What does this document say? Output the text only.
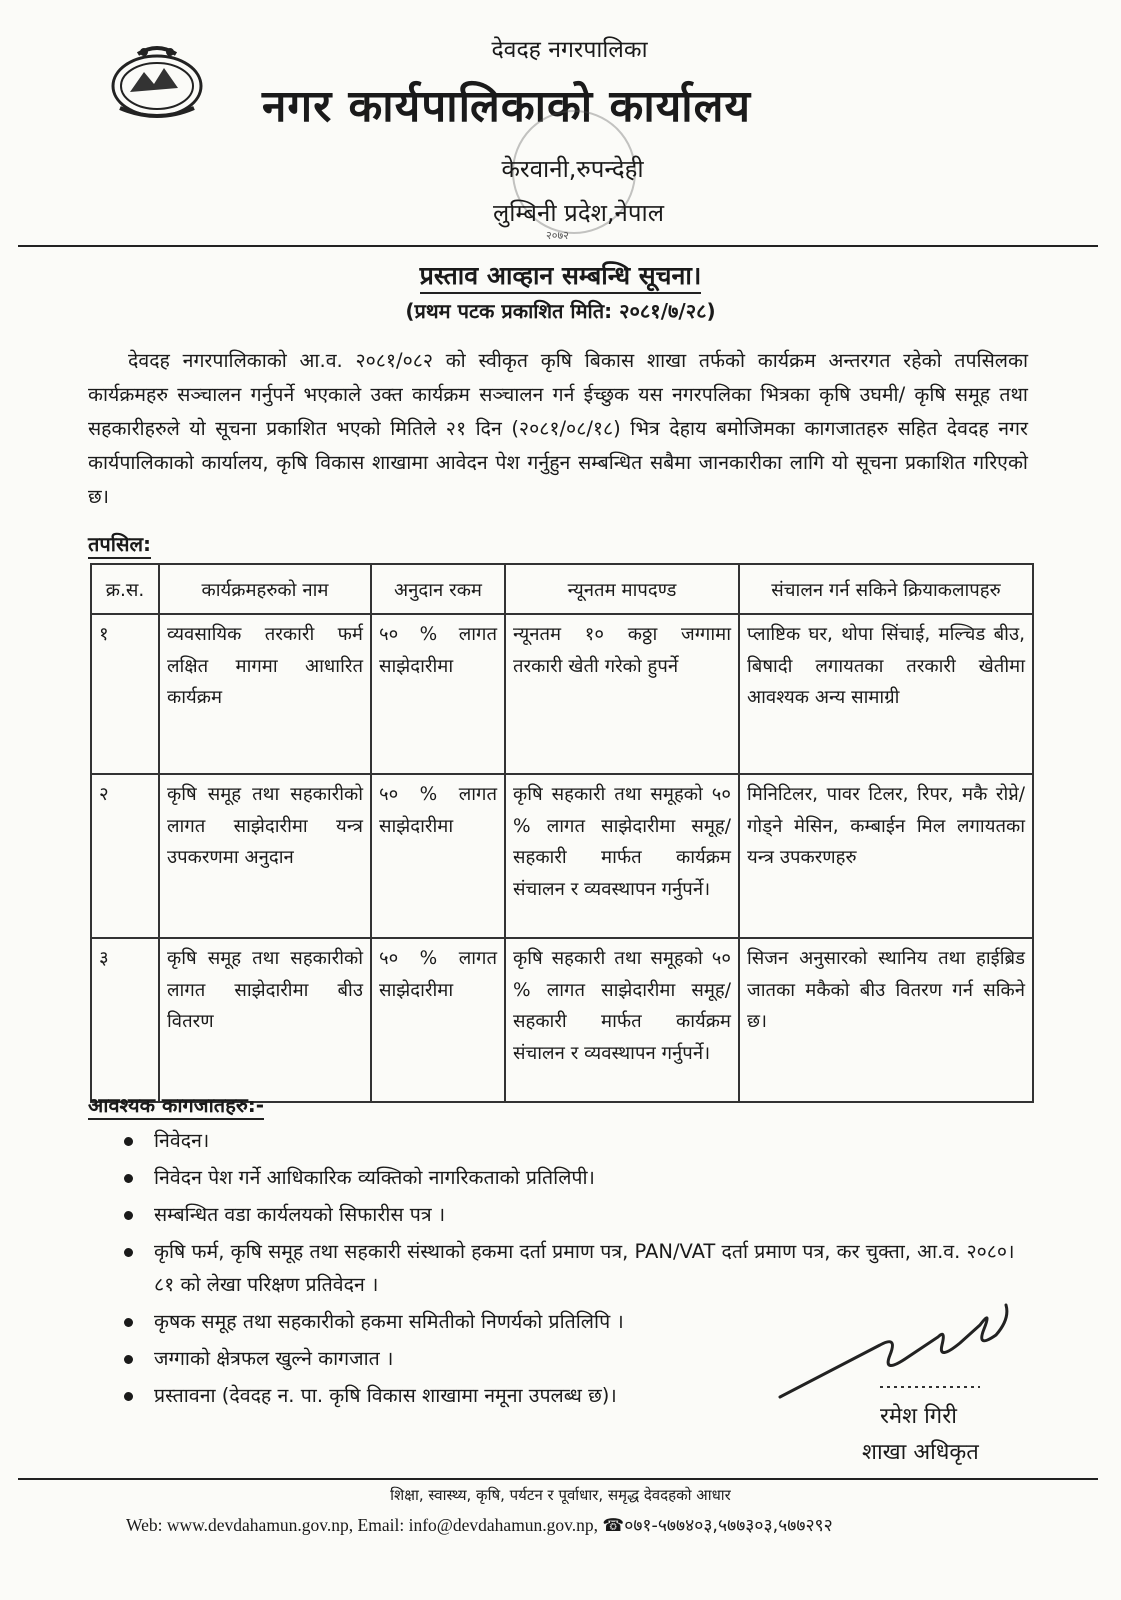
देवदह नगरपालिका
नगर कार्यपालिकाको कार्यालय
केरवानी,रुपन्देही
लुम्बिनी प्रदेश,नेपाल
२०७२
प्रस्ताव आव्हान सम्बन्धि सूचना।
(प्रथम पटक प्रकाशित मिति: २०८१/७/२८)
देवदह नगरपालिकाको आ.व. २०८१/०८२ को स्वीकृत कृषि बिकास शाखा तर्फको कार्यक्रम अन्तरगत रहेको तपसिलका कार्यक्रमहरु सञ्चालन गर्नुपर्ने भएकाले उक्त कार्यक्रम सञ्चालन गर्न ईच्छुक यस नगरपलिका भित्रका कृषि उघमी/ कृषि समूह तथा सहकारीहरुले यो सूचना प्रकाशित भएको मितिले २१ दिन (२०८१/०८/१८) भित्र देहाय बमोजिमका कागजातहरु सहित देवदह नगर कार्यपालिकाको कार्यालय, कृषि विकास शाखामा आवेदन पेश गर्नुहुन सम्बन्धित सबैमा जानकारीका लागि यो सूचना प्रकाशित गरिएको छ।
तपसिल:
क्र.स.	कार्यक्रमहरुको नाम	अनुदान रकम	न्यूनतम मापदण्ड	संचालन गर्न सकिने क्रियाकलापहरु
१	व्यवसायिक तरकारी फर्म लक्षित मागमा आधारित कार्यक्रम	५० % लागत साझेदारीमा	न्यूनतम १० कठ्ठा जग्गामा तरकारी खेती गरेको हुपर्ने	प्लाष्टिक घर, थोपा सिंचाई, मल्चिड बीउ, बिषादी लगायतका तरकारी खेतीमा आवश्यक अन्य सामाग्री
२	कृषि समूह तथा सहकारीको लागत साझेदारीमा यन्त्र उपकरणमा अनुदान	५० % लागत साझेदारीमा	कृषि सहकारी तथा समूहको ५० % लागत साझेदारीमा समूह/सहकारी मार्फत कार्यक्रम संचालन र व्यवस्थापन गर्नुपर्ने।	मिनिटिलर, पावर टिलर, रिपर, मकै रोप्ने/गोड्ने मेसिन, कम्बाईन मिल लगायतका यन्त्र उपकरणहरु
३	कृषि समूह तथा सहकारीको लागत साझेदारीमा बीउ वितरण	५० % लागत साझेदारीमा	कृषि सहकारी तथा समूहको ५० % लागत साझेदारीमा समूह/सहकारी मार्फत कार्यक्रम संचालन र व्यवस्थापन गर्नुपर्ने।	सिजन अनुसारको स्थानिय तथा हाईब्रिड जातका मकैको बीउ वितरण गर्न सकिने छ।
आवश्यक कागजातहरु:-
निवेदन।
निवेदन पेश गर्ने आधिकारिक व्यक्तिको नागरिकताको प्रतिलिपी।
सम्बन्धित वडा कार्यलयको सिफारीस पत्र ।
कृषि फर्म, कृषि समूह तथा सहकारी संस्थाको हकमा दर्ता प्रमाण पत्र, PAN/VAT दर्ता प्रमाण पत्र, कर चुक्ता, आ.व. २०८०।८१ को लेखा परिक्षण प्रतिवेदन ।
कृषक समूह तथा सहकारीको हकमा समितीको निणर्यको प्रतिलिपि ।
जग्गाको क्षेत्रफल खुल्ने कागजात ।
प्रस्तावना (देवदह न. पा. कृषि विकास शाखामा नमूना उपलब्ध छ)।
रमेश गिरी
शाखा अधिकृत
शिक्षा, स्वास्थ्य, कृषि, पर्यटन र पूर्वाधार, समृद्ध देवदहको आधार
Web: www.devdahamun.gov.np, Email: info@devdahamun.gov.np, ☎०७१-५७७४०३,५७७३०३,५७७२९२
